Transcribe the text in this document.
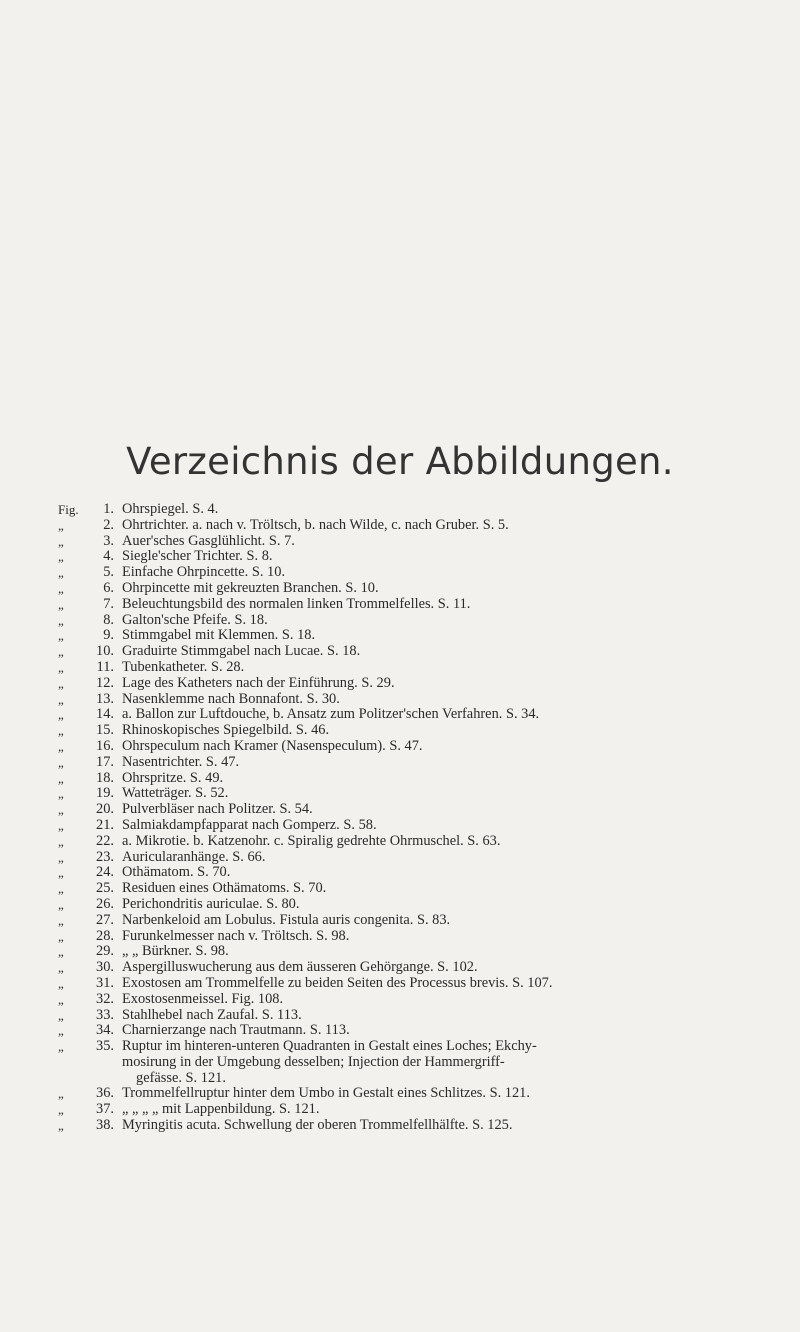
Verzeichnis der Abbildungen.
Fig.	1. Ohrspiegel. S. 4.
„	2. Ohrtrichter. a. nach v. Tröltsch, b. nach Wilde, c. nach Gruber. S. 5.
„	3. Auer'sches Gasglühlicht. S. 7.
„	4. Siegle'scher Trichter. S. 8.
„	5. Einfache Ohrpincette. S. 10.
„	6. Ohrpincette mit gekreuzten Branchen. S. 10.
„	7. Beleuchtungsbild des normalen linken Trommelfelles. S. 11.
„	8. Galton'sche Pfeife. S. 18.
„	9. Stimmgabel mit Klemmen. S. 18.
„	10. Graduirte Stimmgabel nach Lucae. S. 18.
„	11. Tubenkatheter. S. 28.
„	12. Lage des Katheters nach der Einführung. S. 29.
„	13. Nasenklemme nach Bonnafont. S. 30.
„	14. a. Ballon zur Luftdouche, b. Ansatz zum Politzer'schen Verfahren. S. 34.
„	15. Rhinoskopisches Spiegelbild. S. 46.
„	16. Ohrspeculum nach Kramer (Nasenspeculum). S. 47.
„	17. Nasentrichter. S. 47.
„	18. Ohrspritze. S. 49.
„	19. Watteträger. S. 52.
„	20. Pulverbläser nach Politzer. S. 54.
„	21. Salmiakdampfapparat nach Gomperz. S. 58.
„	22. a. Mikrotie. b. Katzenohr. c. Spiralig gedrehte Ohrmuschel. S. 63.
„	23. Auricularanhänge. S. 66.
„	24. Othämatom. S. 70.
„	25. Residuen eines Othämatoms. S. 70.
„	26. Perichondritis auriculae. S. 80.
„	27. Narbenkeloid am Lobulus. Fistula auris congenita. S. 83.
„	28. Furunkelmesser nach v. Tröltsch. S. 98.
„	29. „ „ Bürkner. S. 98.
„	30. Aspergilluswucherung aus dem äusseren Gehörgange. S. 102.
„	31. Exostosen am Trommelfelle zu beiden Seiten des Processus brevis. S. 107.
„	32. Exostosenmeissel. Fig. 108.
„	33. Stahlhebel nach Zaufal. S. 113.
„	34. Charnierzange nach Trautmann. S. 113.
„	35. Ruptur im hinteren-unteren Quadranten in Gestalt eines Loches; Ekchy-
mosirung in der Umgebung desselben; Injection der Hammergriff-
gefässe. S. 121.
„	36. Trommelfellruptur hinter dem Umbo in Gestalt eines Schlitzes. S. 121.
„	37. „ „ „ „ mit Lappenbildung. S. 121.
„	38. Myringitis acuta. Schwellung der oberen Trommelfellhälfte. S. 125.
